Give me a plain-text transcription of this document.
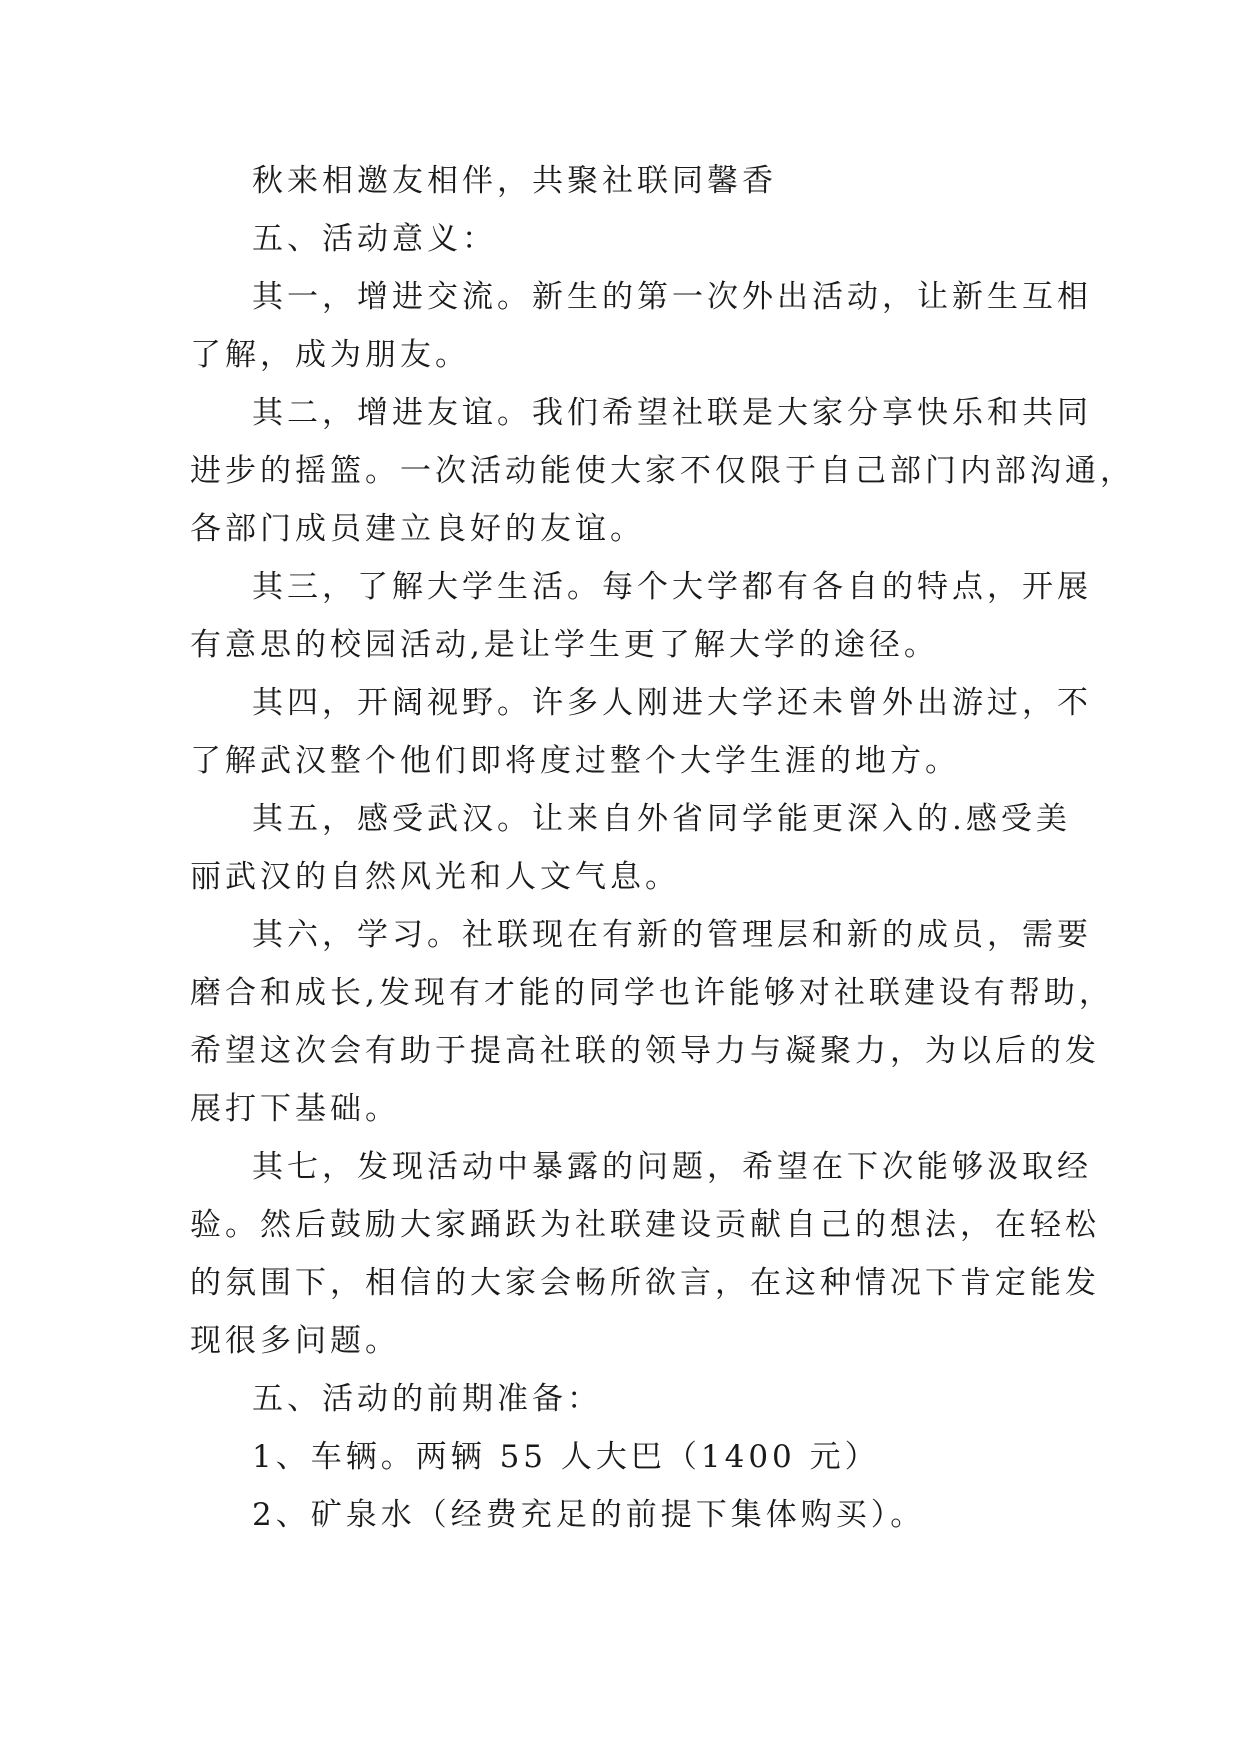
秋来相邀友相伴，共聚社联同馨香
五、活动意义：
其一，增进交流。新生的第一次外出活动，让新生互相
了解，成为朋友。
其二，增进友谊。我们希望社联是大家分享快乐和共同
进步的摇篮。一次活动能使大家不仅限于自己部门内部沟通，
各部门成员建立良好的友谊。
其三，了解大学生活。每个大学都有各自的特点，开展
有意思的校园活动,是让学生更了解大学的途径。
其四，开阔视野。许多人刚进大学还未曾外出游过，不
了解武汉整个他们即将度过整个大学生涯的地方。
其五，感受武汉。让来自外省同学能更深入的.感受美
丽武汉的自然风光和人文气息。
其六，学习。社联现在有新的管理层和新的成员，需要
磨合和成长,发现有才能的同学也许能够对社联建设有帮助，
希望这次会有助于提高社联的领导力与凝聚力，为以后的发
展打下基础。
其七，发现活动中暴露的问题，希望在下次能够汲取经
验。然后鼓励大家踊跃为社联建设贡献自己的想法，在轻松
的氛围下，相信的大家会畅所欲言，在这种情况下肯定能发
现很多问题。
五、活动的前期准备：
1、车辆。两辆 55 人大巴（1400 元）
2、矿泉水（经费充足的前提下集体购买）。
